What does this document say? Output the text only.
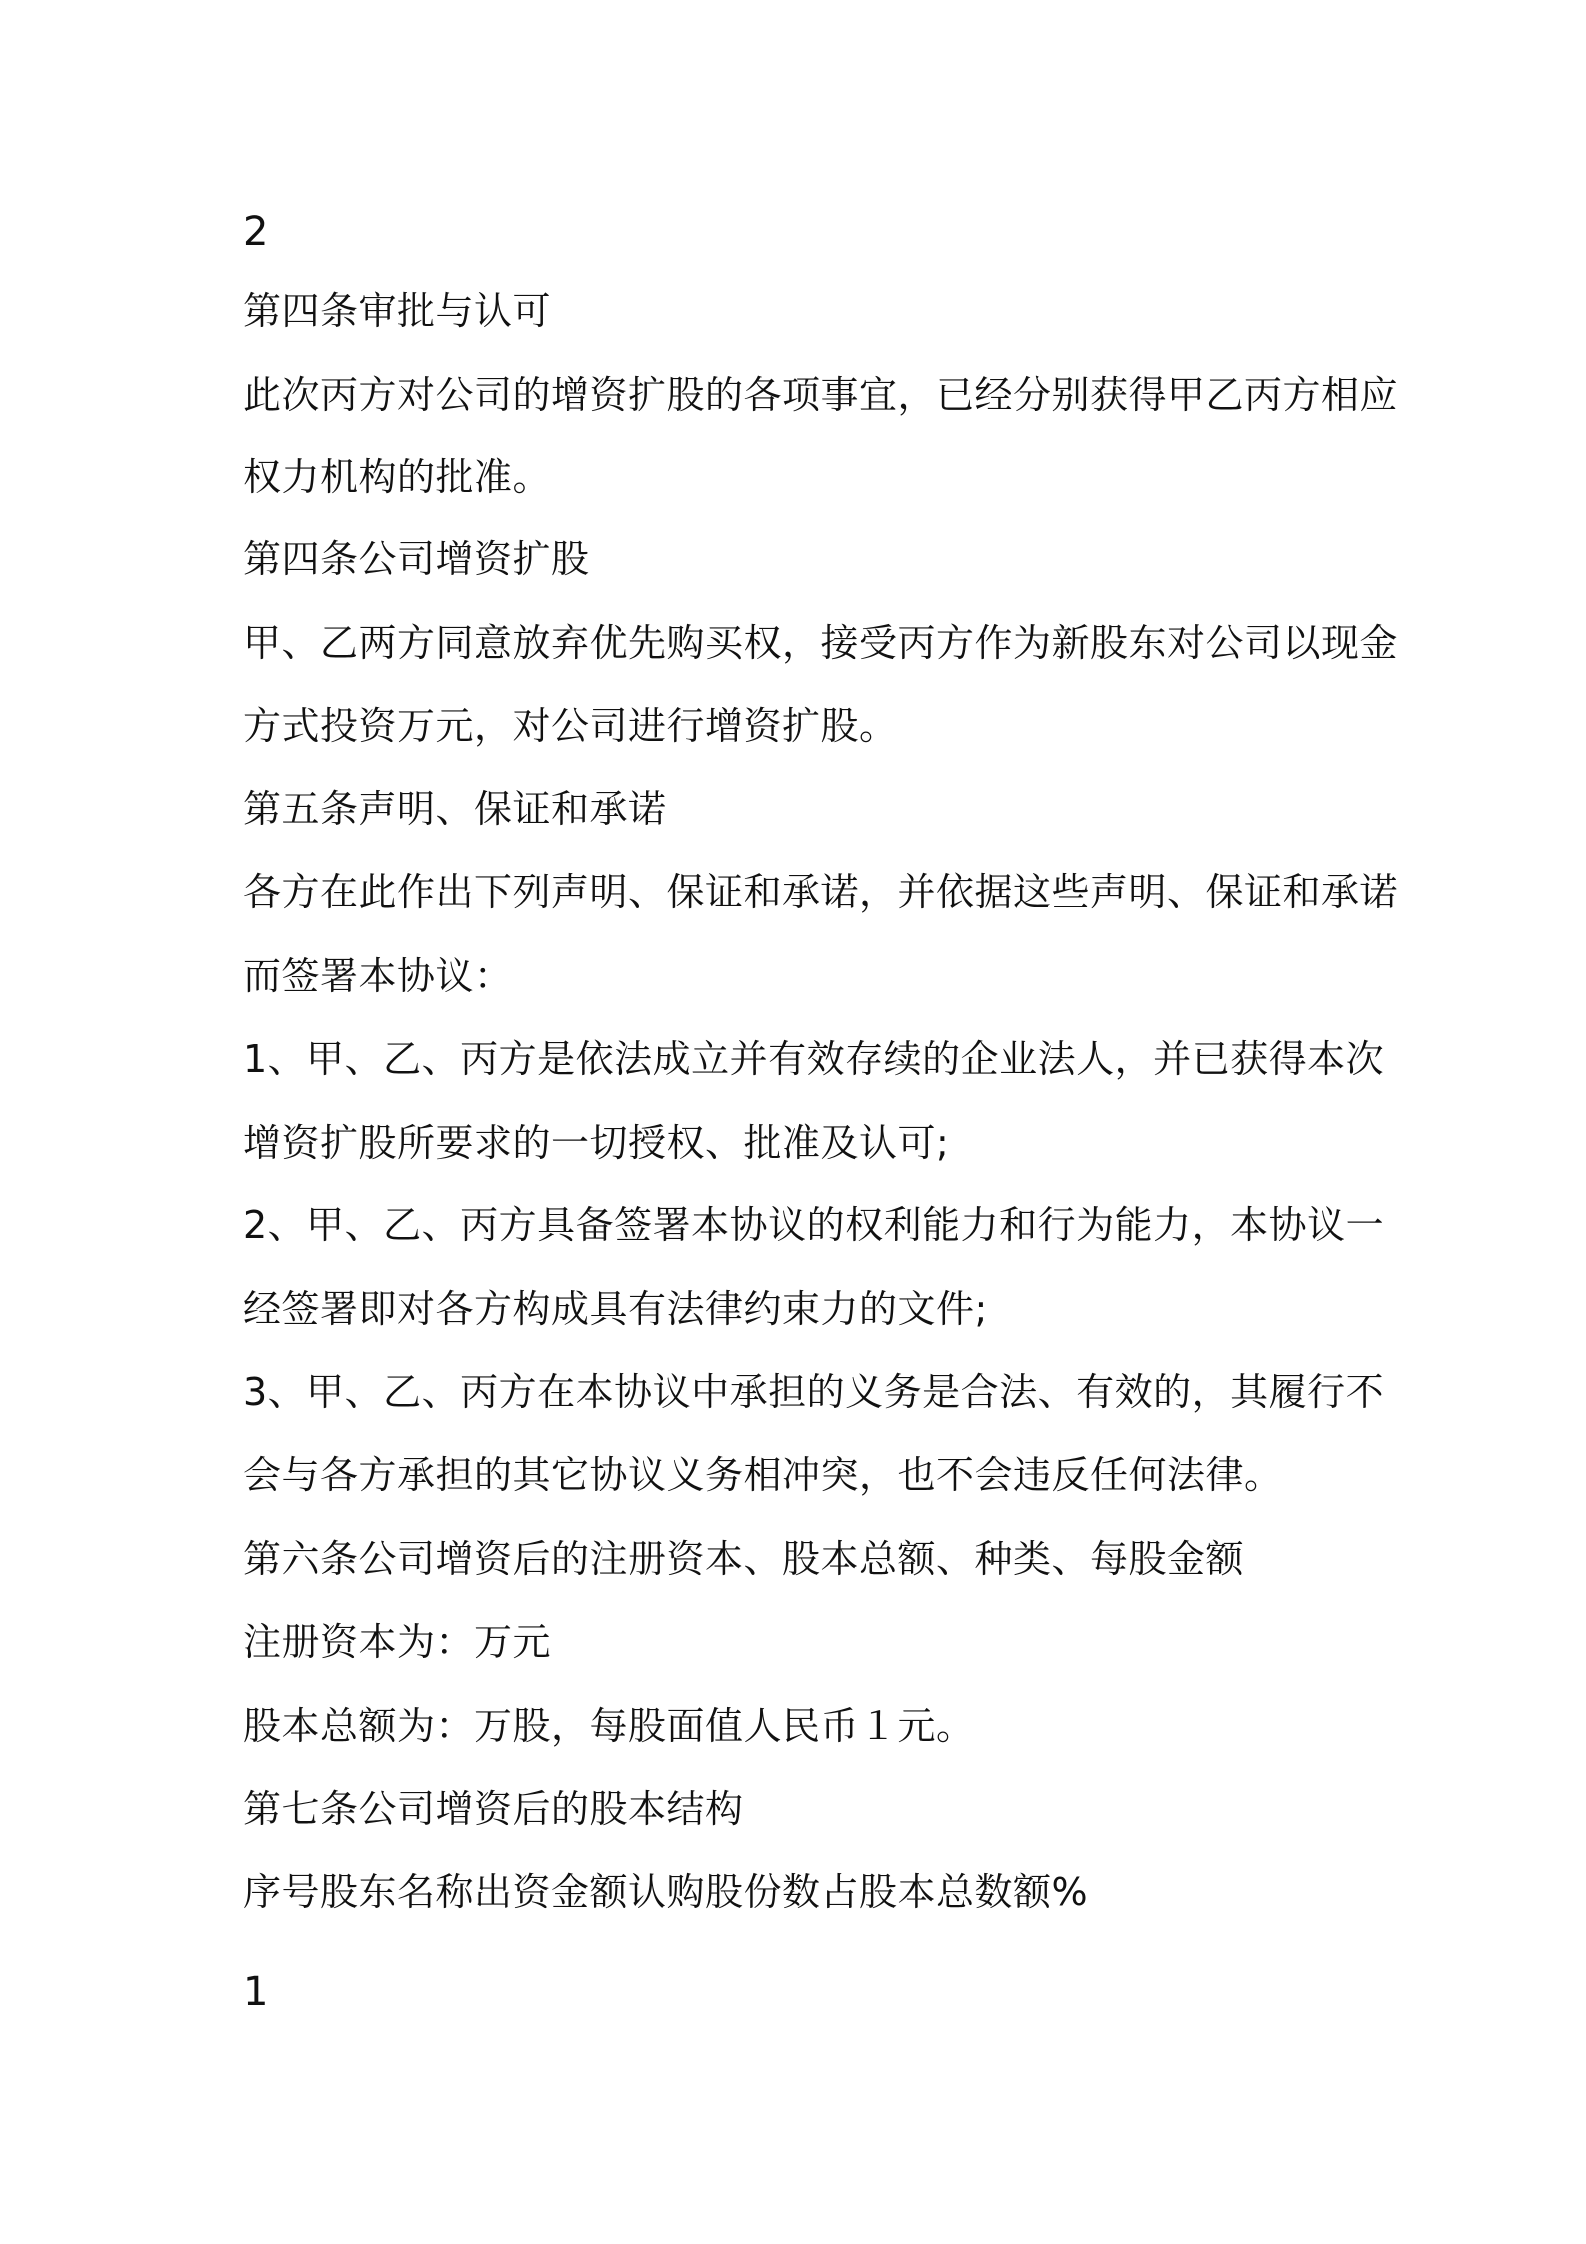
2
第四条审批与认可
此次丙方对公司的增资扩股的各项事宜，已经分别获得甲乙丙方相应
权力机构的批准。
第四条公司增资扩股
甲、乙两方同意放弃优先购买权，接受丙方作为新股东对公司以现金
方式投资万元，对公司进行增资扩股。
第五条声明、保证和承诺
各方在此作出下列声明、保证和承诺，并依据这些声明、保证和承诺
而签署本协议：
1、甲、乙、丙方是依法成立并有效存续的企业法人，并已获得本次
增资扩股所要求的一切授权、批准及认可;
2、甲、乙、丙方具备签署本协议的权利能力和行为能力，本协议一
经签署即对各方构成具有法律约束力的文件;
3、甲、乙、丙方在本协议中承担的义务是合法、有效的，其履行不
会与各方承担的其它协议义务相冲突，也不会违反任何法律。
第六条公司增资后的注册资本、股本总额、种类、每股金额
注册资本为：万元
股本总额为：万股，每股面值人民币１元。
第七条公司增资后的股本结构
序号股东名称出资金额认购股份数占股本总数额%
1
